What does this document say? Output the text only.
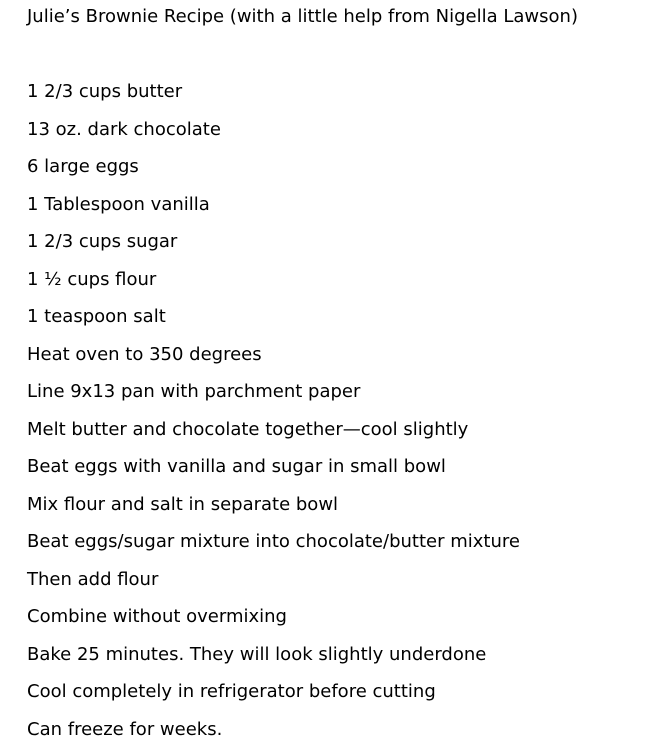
Julie’s Brownie Recipe (with a little help from Nigella Lawson)
1 2/3 cups butter
13 oz. dark chocolate
6 large eggs
1 Tablespoon vanilla
1 2/3 cups sugar
1 ½ cups flour
1 teaspoon salt
Heat oven to 350 degrees
Line 9x13 pan with parchment paper
Melt butter and chocolate together—cool slightly
Beat eggs with vanilla and sugar in small bowl
Mix flour and salt in separate bowl
Beat eggs/sugar mixture into chocolate/butter mixture
Then add flour
Combine without overmixing
Bake 25 minutes. They will look slightly underdone
Cool completely in refrigerator before cutting
Can freeze for weeks.
